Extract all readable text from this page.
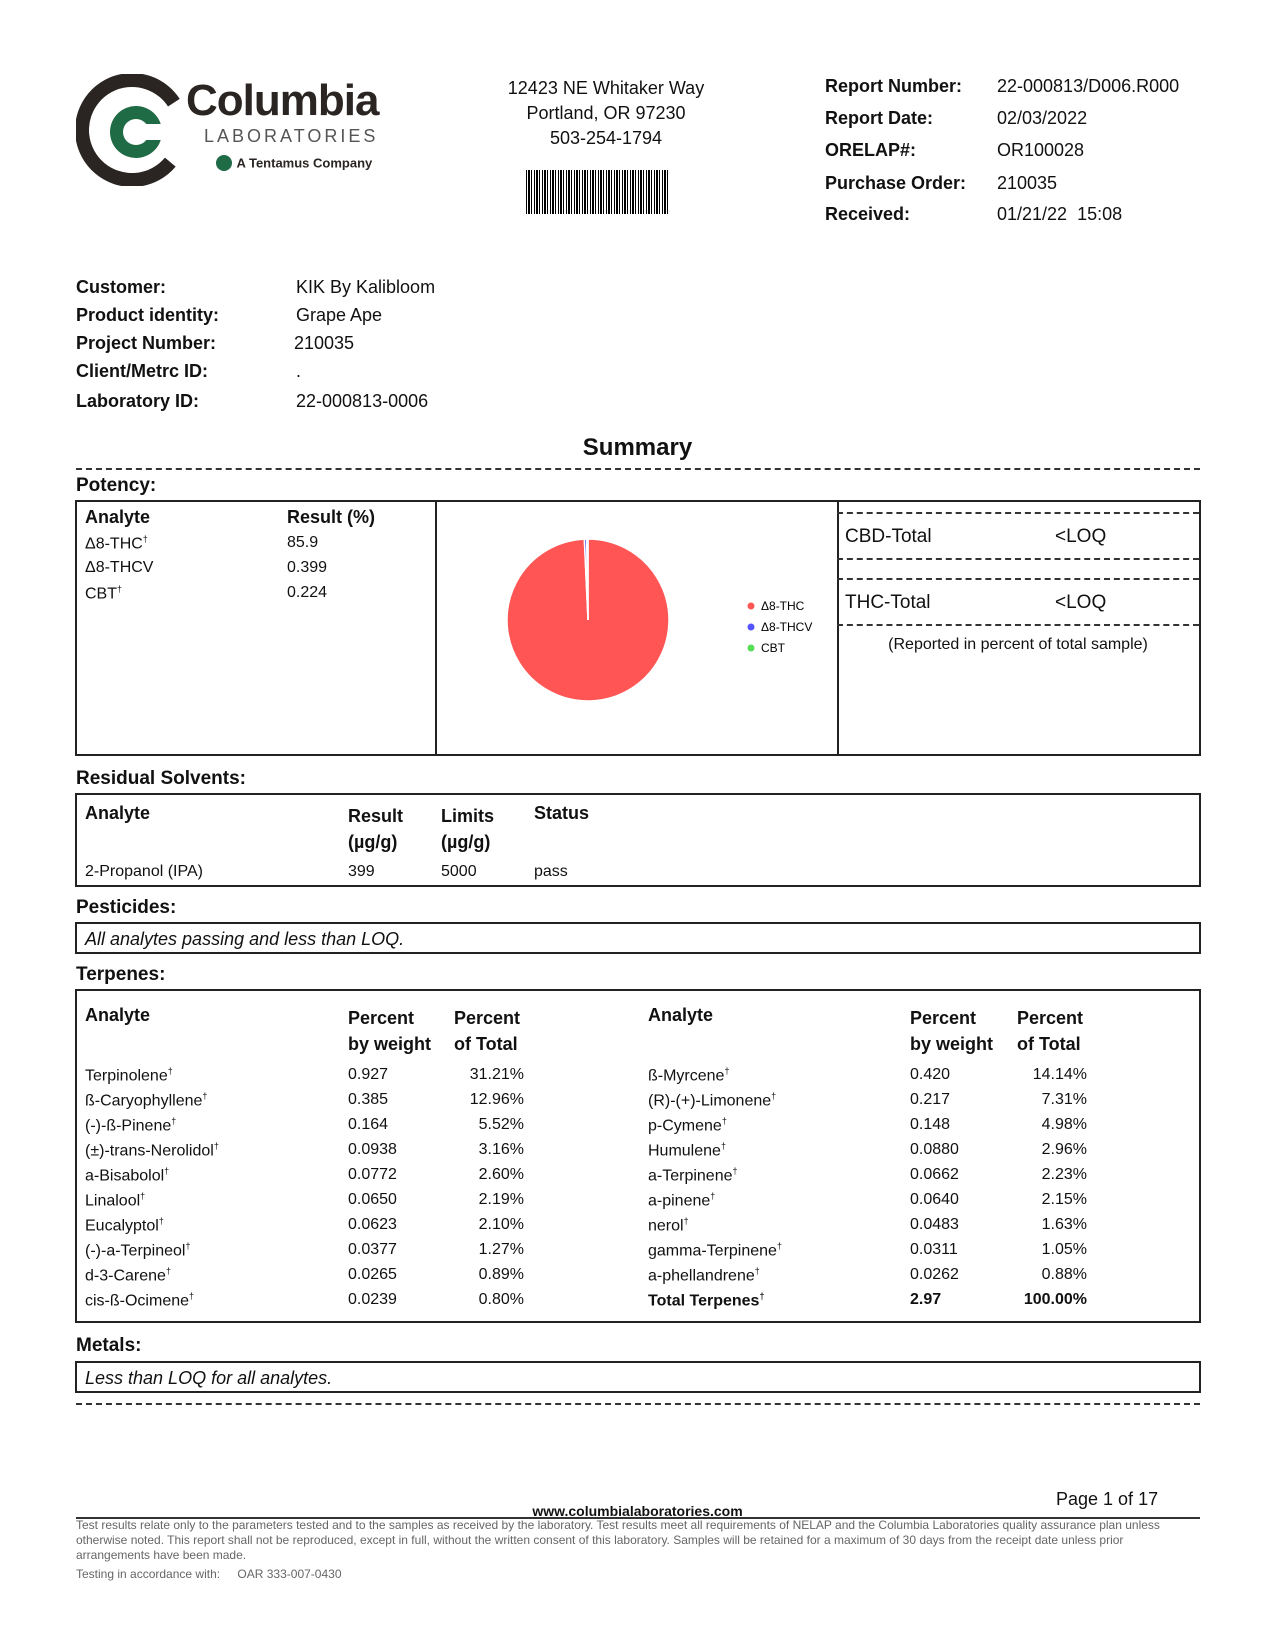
Columbia
LABORATORIES
A Tentamus Company
12423 NE Whitaker Way
Portland, OR 97230
503-254-1794
Report Number: 22-000813/D006.R000
Report Date:	02/03/2022
ORELAP#:	OR100028
Purchase Order: 210035
Received:	01/21/22  15:08
Customer:	KIK By Kalibloom
Product identity:	Grape Ape
Project Number:	210035
Client/Metrc ID:	.
Laboratory ID:	22-000813-0006
Summary
Potency:
Analyte	Result (%)
Δ8-THC†	85.9
Δ8-THCV	0.399
CBT†	0.224
Δ8-THC
Δ8-THCV
CBT
CBD-Total	<LOQ
THC-Total	<LOQ
(Reported in percent of total sample)
Residual Solvents:
Analyte	Result
(µg/g)
Limits
(µg/g)
Status
2-Propanol (IPA)	399	5000	pass
Pesticides:
All analytes passing and less than LOQ.
Terpenes:
Analyte	Percent
by weight
Percent
of Total
Analyte	Percent
by weight
Percent
of Total
Terpinolene†	0.927	31.21%
ß-Caryophyllene†	0.385	12.96%
(-)-ß-Pinene†	0.164	5.52%
(±)-trans-Nerolidol†	0.0938	3.16%
a-Bisabolol†	0.0772	2.60%
Linalool†	0.0650	2.19%
Eucalyptol†	0.0623	2.10%
(-)-a-Terpineol†	0.0377	1.27%
d-3-Carene†	0.0265	0.89%
cis-ß-Ocimene†	0.0239	0.80%
ß-Myrcene†	0.420	14.14%
(R)-(+)-Limonene†	0.217	7.31%
p-Cymene†	0.148	4.98%
Humulene†	0.0880	2.96%
a-Terpinene†	0.0662	2.23%
a-pinene†	0.0640	2.15%
nerol†	0.0483	1.63%
gamma-Terpinene†	0.0311	1.05%
a-phellandrene†	0.0262	0.88%
Total Terpenes†	2.97	100.00%
Metals:
Less than LOQ for all analytes.
Page 1 of 17
www.columbialaboratories.com
Test results relate only to the parameters tested and to the samples as received by the laboratory. Test results meet all requirements of NELAP and the Columbia Laboratories quality assurance plan unless otherwise noted. This report shall not be reproduced, except in full, without the written consent of this laboratory. Samples will be retained for a maximum of 30 days from the receipt date unless prior arrangements have been made.
Testing in accordance with: OAR 333-007-0430
